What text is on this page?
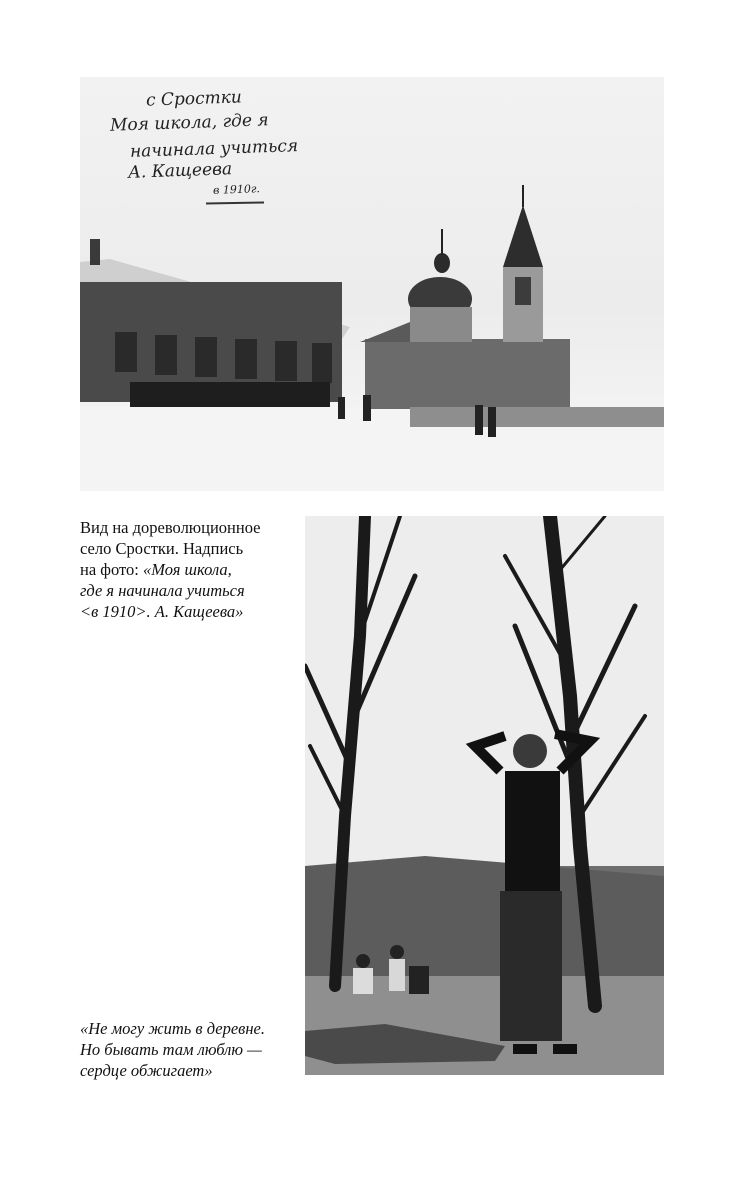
с Сростки
Моя школа, где я
начинала учиться
А. Кащеева
в 1910г.
Вид на дореволюционное
село Сростки. Надпись
на фото: «Моя школа,
где я начинала учиться
<в 1910>. А. Кащеева»
«Не могу жить в деревне.
Но бывать там люблю —
сердце обжигает»
